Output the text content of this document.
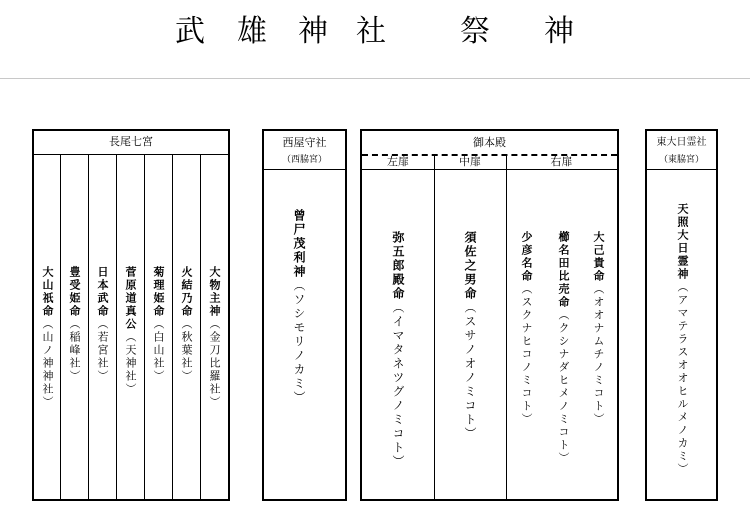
武 雄 神 社 祭 神
長尾七宮
大物主神（金刀比羅社）
火結乃命（秋葉社）
菊理姫命（白山社）
菅原道真公（天神社）
日本武命（若宮社）
豊受姫命（稲峰社）
大山祇命（山ノ神神社）
西屋守社
（西脇宮）
曾尸茂利神（ソシモリノカミ）
御本殿
左扉	中扉	右扉
弥五郎殿命（イマタネツグノミコト）
須佐之男命（スサノオノミコト）
大己貴命（オオナムチノミコト）
櫛名田比売命（クシナダヒメノミコト）
少彦名命（スクナヒコノミコト）
東大日霊社
（東脇宮）
天照大日霊神（アマテラスオオヒルメノカミ）
